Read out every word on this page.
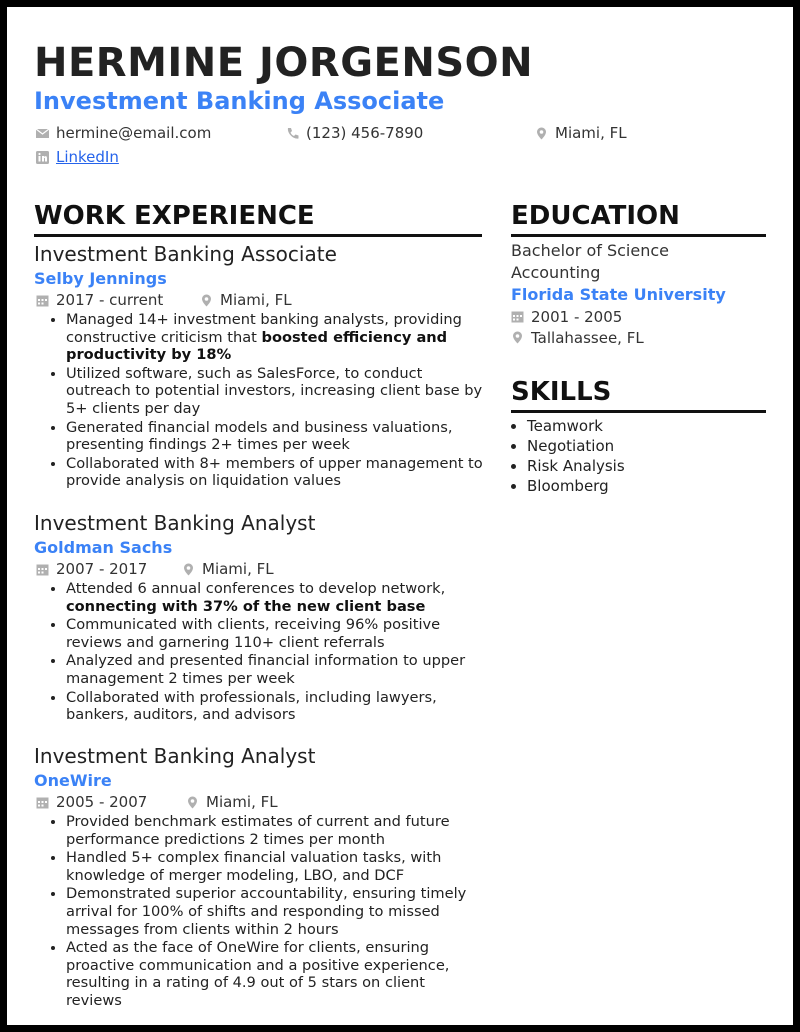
HERMINE JORGENSON
Investment Banking Associate
hermine@email.com	(123) 456-7890	Miami, FL
LinkedIn
WORK EXPERIENCE

Investment Banking Associate

Selby Jennings

2017 - current	Miami, FL
• Managed 14+ investment banking analysts, providing constructive criticism that boosted efficiency and productivity by 18%
• Utilized software, such as SalesForce, to conduct outreach to potential investors, increasing client base by 5+ clients per day
• Generated financial models and business valuations, presenting findings 2+ times per week
• Collaborated with 8+ members of upper management to provide analysis on liquidation values

Investment Banking Analyst

Goldman Sachs

2007 - 2017	Miami, FL
• Attended 6 annual conferences to develop network, connecting with 37% of the new client base
• Communicated with clients, receiving 96% positive reviews and garnering 110+ client referrals
• Analyzed and presented financial information to upper management 2 times per week
• Collaborated with professionals, including lawyers, bankers, auditors, and advisors

Investment Banking Analyst

OneWire

2005 - 2007	Miami, FL
• Provided benchmark estimates of current and future performance predictions 2 times per month
• Handled 5+ complex financial valuation tasks, with knowledge of merger modeling, LBO, and DCF
• Demonstrated superior accountability, ensuring timely arrival for 100% of shifts and responding to missed messages from clients within 2 hours
• Acted as the face of OneWire for clients, ensuring proactive communication and a positive experience, resulting in a rating of 4.9 out of 5 stars on client reviews
EDUCATION

Bachelor of Science

Accounting

Florida State University

2001 - 2005
Tallahassee, FL
SKILLS
• Teamwork
• Negotiation
• Risk Analysis
• Bloomberg
